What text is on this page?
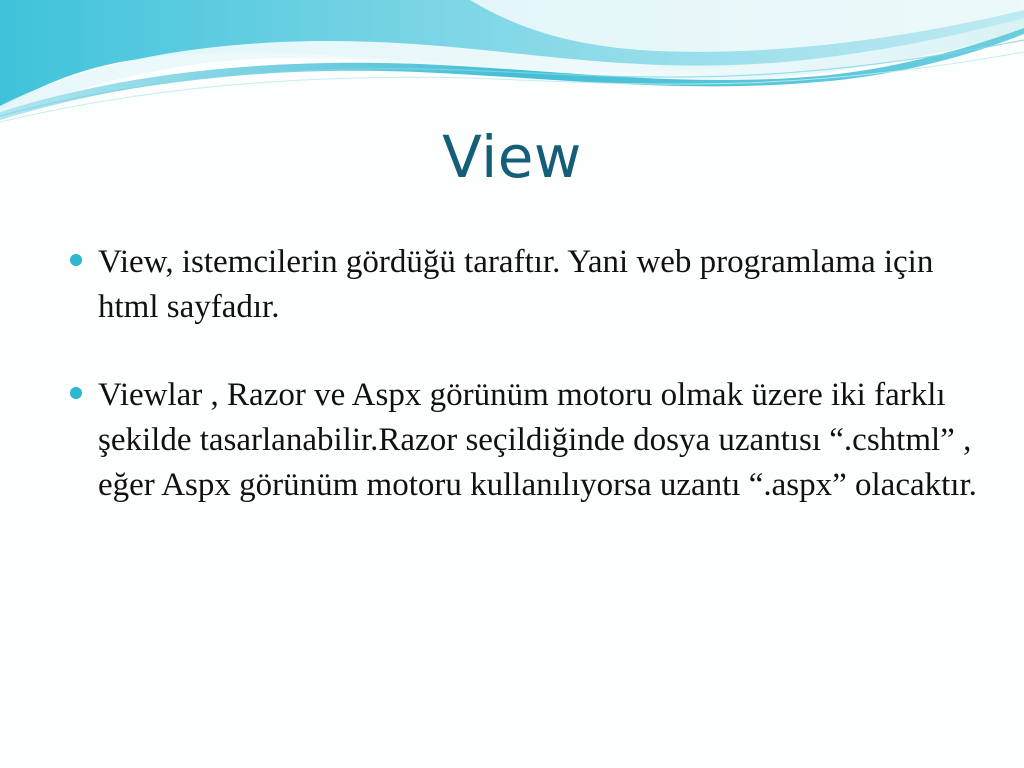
View
View, istemcilerin gördüğü taraftır. Yani web programlama için html sayfadır.
Viewlar , Razor ve Aspx görünüm motoru olmak üzere iki farklı şekilde tasarlanabilir.Razor seçildiğinde dosya uzantısı “.cshtml” , eğer Aspx görünüm motoru kullanılıyorsa uzantı “.aspx” olacaktır.
